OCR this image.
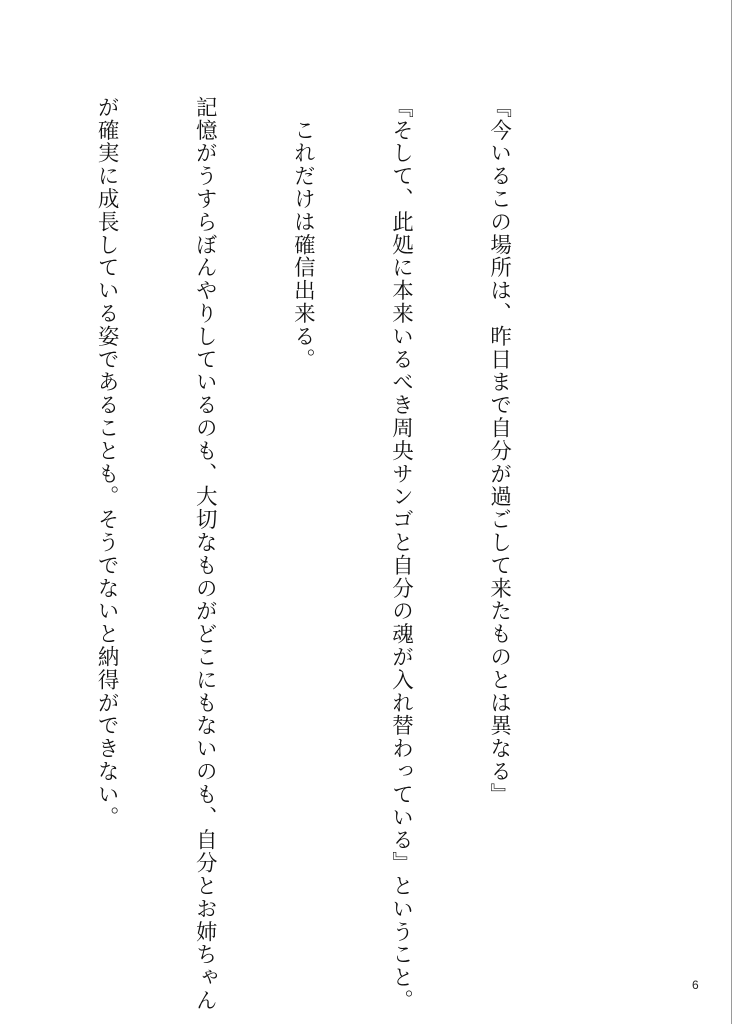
『今いるこの場所は、昨日まで自分が過ごして来たものとは異なる』

『そして、此処に本来いるべき周央サンゴと自分の魂が入れ替わっている』ということ。

　これだけは確信出来る。

記憶がうすらぼんやりしているのも、大切なものがどこにもないのも、自分とお姉ちゃん

が確実に成長している姿であることも。そうでないと納得ができない。

6
